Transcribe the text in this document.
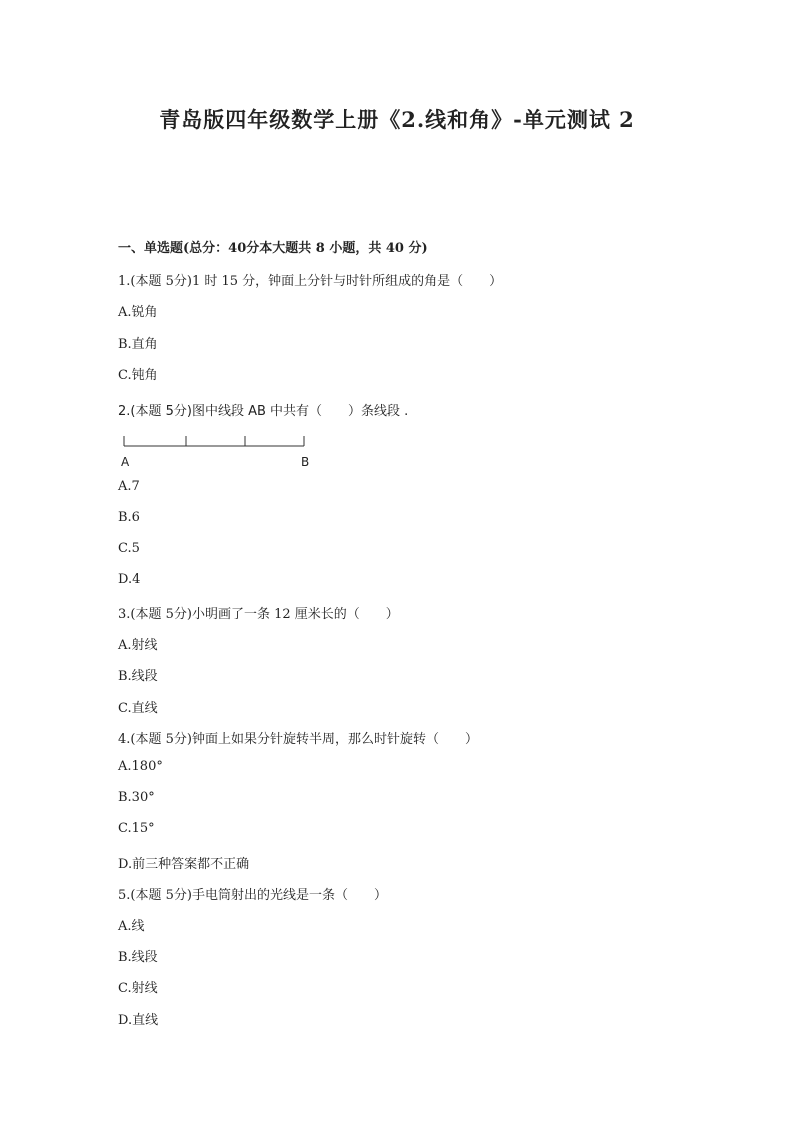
青岛版四年级数学上册《2.线和角》-单元测试 2
一、单选题(总分：40分本大题共 8 小题，共 40 分)
1.(本题 5分)1 时 15 分，钟面上分针与时针所组成的角是（　　）
A.锐角
B.直角
C.钝角
2.(本题 5分)图中线段 AB 中共有（　　）条线段 .
A	B
A.7
B.6
C.5
D.4
3.(本题 5分)小明画了一条 12 厘米长的（　　）
A.射线
B.线段
C.直线
4.(本题 5分)钟面上如果分针旋转半周，那么时针旋转（　　）
A.180°
B.30°
C.15°
D.前三种答案都不正确
5.(本题 5分)手电筒射出的光线是一条（　　）
A.线
B.线段
C.射线
D.直线
